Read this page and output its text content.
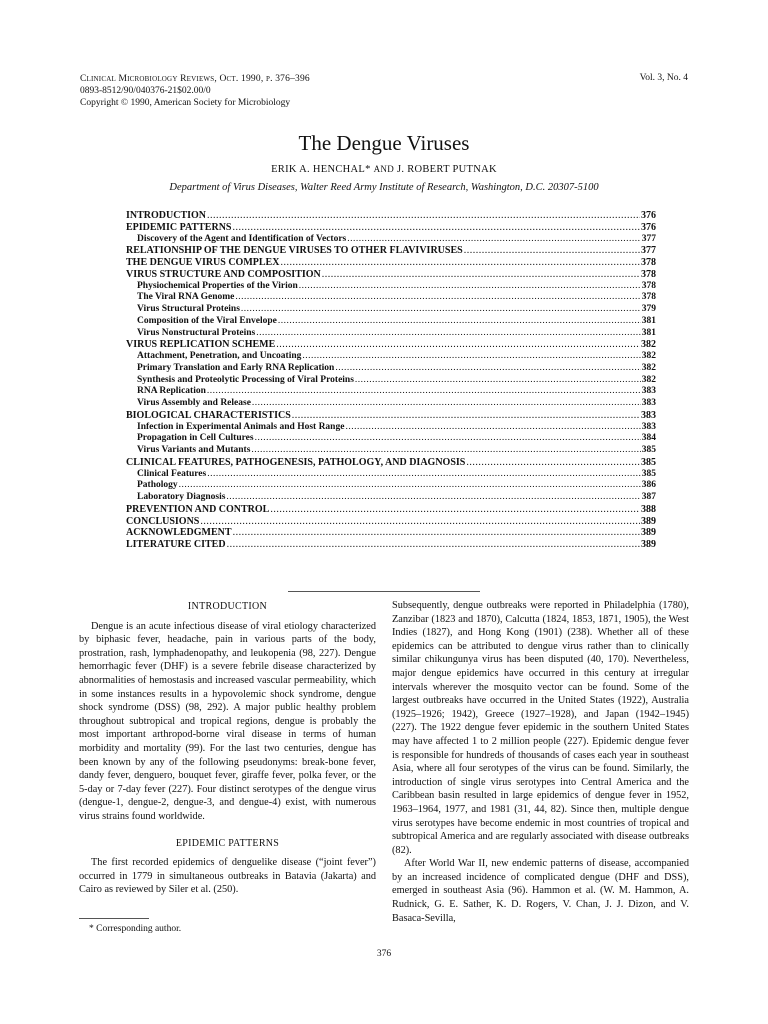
Clinical Microbiology Reviews, Oct. 1990, p. 376–396
0893-8512/90/040376-21$02.00/0
Copyright © 1990, American Society for Microbiology
Vol. 3, No. 4
The Dengue Viruses
ERIK A. HENCHAL* AND J. ROBERT PUTNAK
Department of Virus Diseases, Walter Reed Army Institute of Research, Washington, D.C. 20307-5100
INTRODUCTION .....	376
EPIDEMIC PATTERNS .....	376
Discovery of the Agent and Identification of Vectors .....	377
RELATIONSHIP OF THE DENGUE VIRUSES TO OTHER FLAVIVIRUSES .....	377
THE DENGUE VIRUS COMPLEX .....	378
VIRUS STRUCTURE AND COMPOSITION .....	378
Physiochemical Properties of the Virion .....	378
The Viral RNA Genome .....	378
Virus Structural Proteins .....	379
Composition of the Viral Envelope .....	381
Virus Nonstructural Proteins .....	381
VIRUS REPLICATION SCHEME .....	382
Attachment, Penetration, and Uncoating .....	382
Primary Translation and Early RNA Replication .....	382
Synthesis and Proteolytic Processing of Viral Proteins .....	382
RNA Replication .....	383
Virus Assembly and Release .....	383
BIOLOGICAL CHARACTERISTICS .....	383
Infection in Experimental Animals and Host Range .....	383
Propagation in Cell Cultures .....	384
Virus Variants and Mutants .....	385
CLINICAL FEATURES, PATHOGENESIS, PATHOLOGY, AND DIAGNOSIS .....	385
Clinical Features .....	385
Pathology .....	386
Laboratory Diagnosis .....	387
PREVENTION AND CONTROL .....	388
CONCLUSIONS .....	389
ACKNOWLEDGMENT .....	389
LITERATURE CITED .....	389
INTRODUCTION

Dengue is an acute infectious disease of viral etiology characterized by biphasic fever, headache, pain in various parts of the body, prostration, rash, lymphadenopathy, and leukopenia (98, 227). Dengue hemorrhagic fever (DHF) is a severe febrile disease characterized by abnormalities of hemostasis and increased vascular permeability, which in some instances results in a hypovolemic shock syndrome, dengue shock syndrome (DSS) (98, 292). A major public healthy problem throughout subtropical and tropical regions, dengue is probably the most important arthropod-borne viral disease in terms of human morbidity and mortality (99). For the last two centuries, dengue has been known by any of the following pseudonyms: break-bone fever, dandy fever, denguero, bouquet fever, giraffe fever, polka fever, or the 5-day or 7-day fever (227). Four distinct serotypes of the dengue virus (dengue-1, dengue-2, dengue-3, and dengue-4) exist, with numerous virus strains found worldwide.

EPIDEMIC PATTERNS

The first recorded epidemics of denguelike disease (“joint fever”) occurred in 1779 in simultaneous outbreaks in Batavia (Jakarta) and Cairo as reviewed by Siler et al. (250).

Subsequently, dengue outbreaks were reported in Philadelphia (1780), Zanzibar (1823 and 1870), Calcutta (1824, 1853, 1871, 1905), the West Indies (1827), and Hong Kong (1901) (238). Whether all of these epidemics can be attributed to dengue virus rather than to clinically similar chikungunya virus has been disputed (40, 170). Nevertheless, major dengue epidemics have occurred in this century at irregular intervals wherever the mosquito vector can be found. Some of the largest outbreaks have occurred in the United States (1922), Australia (1925–1926; 1942), Greece (1927–1928), and Japan (1942–1945) (227). The 1922 dengue fever epidemic in the southern United States may have affected 1 to 2 million people (227). Epidemic dengue fever is responsible for hundreds of thousands of cases each year in southeast Asia, where all four serotypes of the virus can be found. Similarly, the introduction of single virus serotypes into Central America and the Caribbean basin resulted in large epidemics of dengue fever in 1952, 1963–1964, 1977, and 1981 (31, 44, 82). Since then, multiple dengue virus serotypes have become endemic in most countries of tropical and subtropical America and are regularly associated with disease outbreaks (82).

After World War II, new endemic patterns of disease, accompanied by an increased incidence of complicated dengue (DHF and DSS), emerged in southeast Asia (96). Hammon et al. (W. M. Hammon, A. Rudnick, G. E. Sather, K. D. Rogers, V. Chan, J. J. Dizon, and V. Basaca-Sevilla,

* Corresponding author.
376
